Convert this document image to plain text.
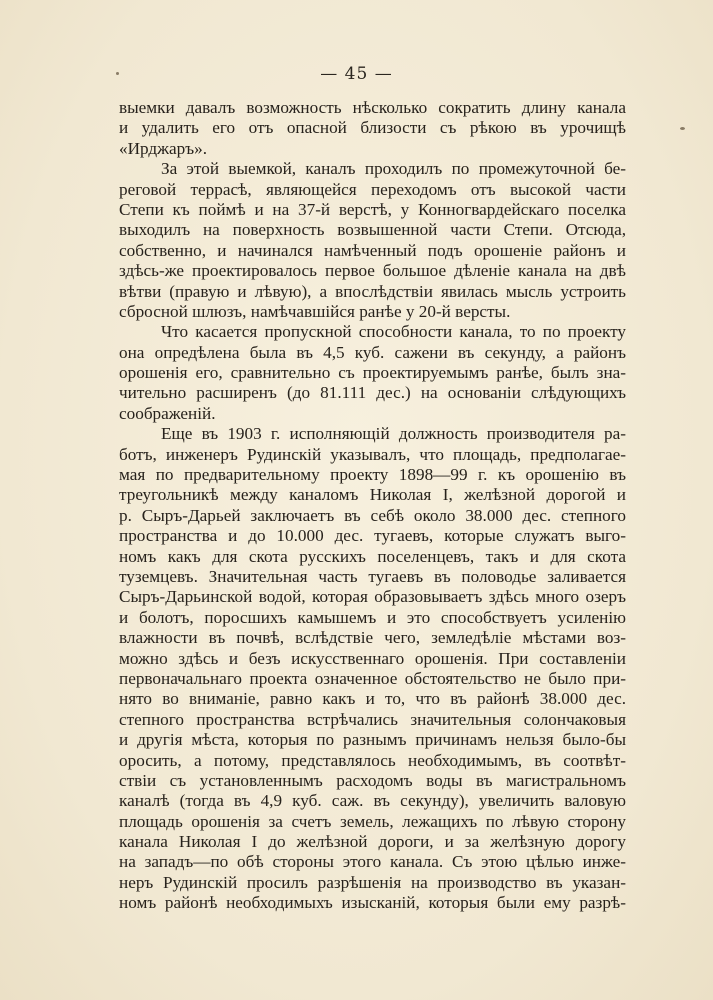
— 45 —
выемки давалъ возможность нѣсколько сократить длину канала
и удалить его отъ опасной близости съ рѣкою въ урочищѣ
«Ирджаръ».
За этой выемкой, каналъ проходилъ по промежуточной бе-
реговой террасѣ, являющейся переходомъ отъ высокой части
Степи къ поймѣ и на 37-й верстѣ, у Конногвардейскаго поселка
выходилъ на поверхность возвышенной части Степи. Отсюда,
собственно, и начинался намѣченный подъ орошеніе районъ и
здѣсь-же проектировалось первое большое дѣленіе канала на двѣ
вѣтви (правую и лѣвую), а впослѣдствіи явилась мысль устроить
сбросной шлюзъ, намѣчавшійся ранѣе у 20-й версты.
Что касается пропускной способности канала, то по проекту
она опредѣлена была въ 4,5 куб. сажени въ секунду, а районъ
орошенія его, сравнительно съ проектируемымъ ранѣе, былъ зна-
чительно расширенъ (до 81.111 дес.) на основаніи слѣдующихъ
соображеній.
Еще въ 1903 г. исполняющій должность производителя ра-
ботъ, инженеръ Рудинскій указывалъ, что площадь, предполагае-
мая по предварительному проекту 1898—99 г. къ орошенію въ
треугольникѣ между каналомъ Николая I, желѣзной дорогой и
р. Сыръ-Дарьей заключаетъ въ себѣ около 38.000 дес. степного
пространства и до 10.000 дес. тугаевъ, которые служатъ выго-
номъ какъ для скота русскихъ поселенцевъ, такъ и для скота
туземцевъ. Значительная часть тугаевъ въ половодье заливается
Сыръ-Дарьинской водой, которая образовываетъ здѣсь много озеръ
и болотъ, поросшихъ камышемъ и это способствуетъ усиленію
влажности въ почвѣ, вслѣдствіе чего, земледѣліе мѣстами воз-
можно здѣсь и безъ искусственнаго орошенія. При составленіи
первоначальнаго проекта означенное обстоятельство не было при-
нято во вниманіе, равно какъ и то, что въ районѣ 38.000 дес.
степного пространства встрѣчались значительныя солончаковыя
и другія мѣста, которыя по разнымъ причинамъ нельзя было-бы
оросить, а потому, представлялось необходимымъ, въ соотвѣт-
ствіи съ установленнымъ расходомъ воды въ магистральномъ
каналѣ (тогда въ 4,9 куб. саж. въ секунду), увеличить валовую
площадь орошенія за счетъ земель, лежащихъ по лѣвую сторону
канала Николая I до желѣзной дороги, и за желѣзную дорогу
на западъ—по обѣ стороны этого канала. Съ этою цѣлью инже-
неръ Рудинскій просилъ разрѣшенія на производство въ указан-
номъ районѣ необходимыхъ изысканій, которыя были ему разрѣ-
